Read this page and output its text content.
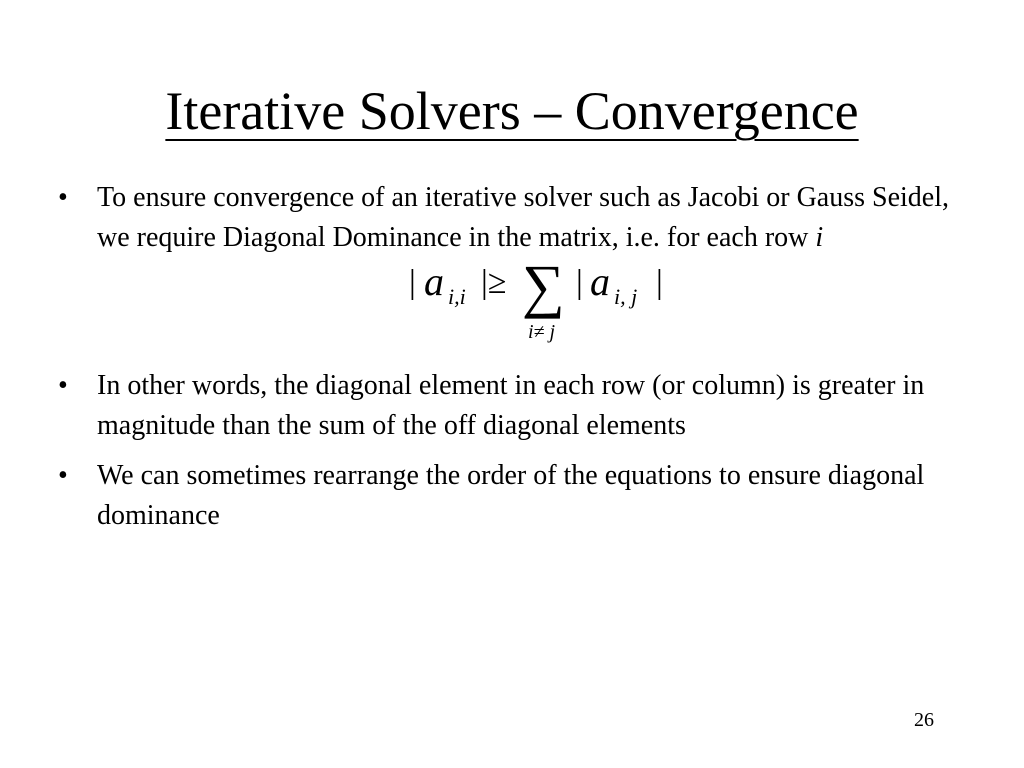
Iterative Solvers – Convergence
• To ensure convergence of an iterative solver such as Jacobi or Gauss Seidel, we require Diagonal Dominance in the matrix, i.e. for each row i
| a i,i |≥ ∑ | a i, j |
i≠ j
• In other words, the diagonal element in each row (or column) is greater in magnitude than the sum of the off diagonal elements
• We can sometimes rearrange the order of the equations to ensure diagonal dominance
26
